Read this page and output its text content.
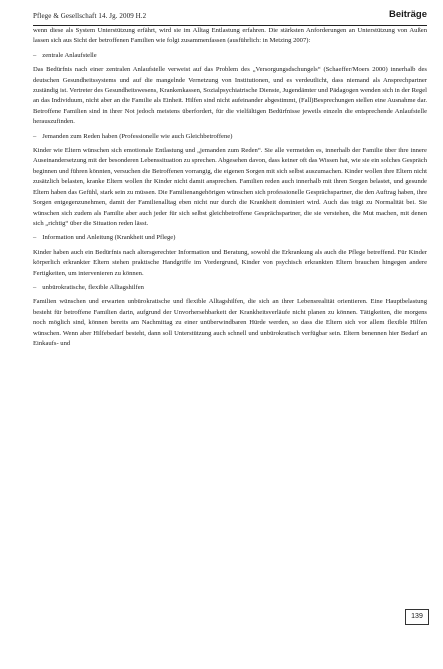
Pflege & Gesellschaft 14. Jg. 2009 H.2	Beiträge

wenn diese als System Unterstützung erfährt, wird sie im Alltag Entlastung erfahren. Die stärksten Anforderungen an Unterstützung von Außen lassen sich aus Sicht der betroffenen Familien wie folgt zusammenfassen (ausführlich: in Metzing 2007):

– zentrale Anlaufstelle

Das Bedürfnis nach einer zentralen Anlaufstelle verweist auf das Problem des „Versorgungsdschungels“ (Schaeffer/Moers 2000) innerhalb des deutschen Gesundheitssystems und auf die mangelnde Vernetzung von Institutionen, und es verdeutlicht, dass niemand als Ansprechpartner zuständig ist. Vertreter des Gesundheitswesens, Krankenkassen, Sozialpsychiatrische Dienste, Jugendämter und Pädagogen wenden sich in der Regel an das Individuum, nicht aber an die Familie als Einheit. Hilfen sind nicht aufeinander abgestimmt, (Fall)Besprechungen stellen eine Ausnahme dar. Betroffene Familien sind in ihrer Not jedoch meistens überfordert, für die vielfältigen Bedürfnisse jeweils einzeln die entsprechende Anlaufstelle herauszufinden.

– Jemanden zum Reden haben (Professionelle wie auch Gleichbetroffene)

Kinder wie Eltern wünschen sich emotionale Entlastung und „jemanden zum Reden“. Sie alle vermeiden es, innerhalb der Familie über ihre innere Auseinandersetzung mit der besonderen Lebenssituation zu sprechen. Abgesehen davon, dass keiner oft das Wissen hat, wie sie ein solches Gespräch beginnen und führen könnten, versuchen die Betroffenen vorrangig, die eigenen Sorgen mit sich selbst auszumachen. Kinder wollen ihre Eltern nicht zusätzlich belasten, kranke Eltern wollen ihr Kinder nicht damit ansprechen. Familien reden auch innerhalb mit ihren Sorgen belastet, und gesunde Eltern haben das Gefühl, stark sein zu müssen. Die Familienangehörigen wünschen sich professionelle Gesprächspartner, die den Auftrag haben, ihre Sorgen entgegenzunehmen, damit der Familienalltag eben nicht nur durch die Krankheit dominiert wird. Auch das trägt zu Normalität bei. Sie wünschen sich zudem als Familie aber auch jeder für sich selbst gleichbetroffene Gesprächspartner, die sie verstehen, die Mut machen, mit denen sich „richtig“ über die Situation reden lässt.

– Information und Anleitung (Krankheit und Pflege)

Kinder haben auch ein Bedürfnis nach altersgerechter Information und Beratung, sowohl die Erkrankung als auch die Pflege betreffend. Für Kinder körperlich erkrankter Eltern stehen praktische Handgriffe im Vordergrund, Kinder von psychisch erkrankten Eltern brauchen hingegen andere Fertigkeiten, um intervenieren zu können.

– unbürokratische, flexible Alltagshilfen

Familien wünschen und erwarten unbürokratische und flexible Alltagshilfen, die sich an ihrer Lebensrealität orientieren. Eine Hauptbelastung besteht für betroffene Familien darin, aufgrund der Unvorhersehbarkeit der Krankheitsverläufe nicht planen zu können. Tätigkeiten, die morgens noch möglich sind, können bereits am Nachmittag zu einer unüberwindbaren Hürde werden, so dass die Eltern sich vor allem flexible Hilfen wünschen. Wenn aber Hilfebedarf besteht, dann soll Unterstützung auch schnell und unbürokratisch verfügbar sein. Eltern benennen hier Bedarf an Einkaufs- und

139
